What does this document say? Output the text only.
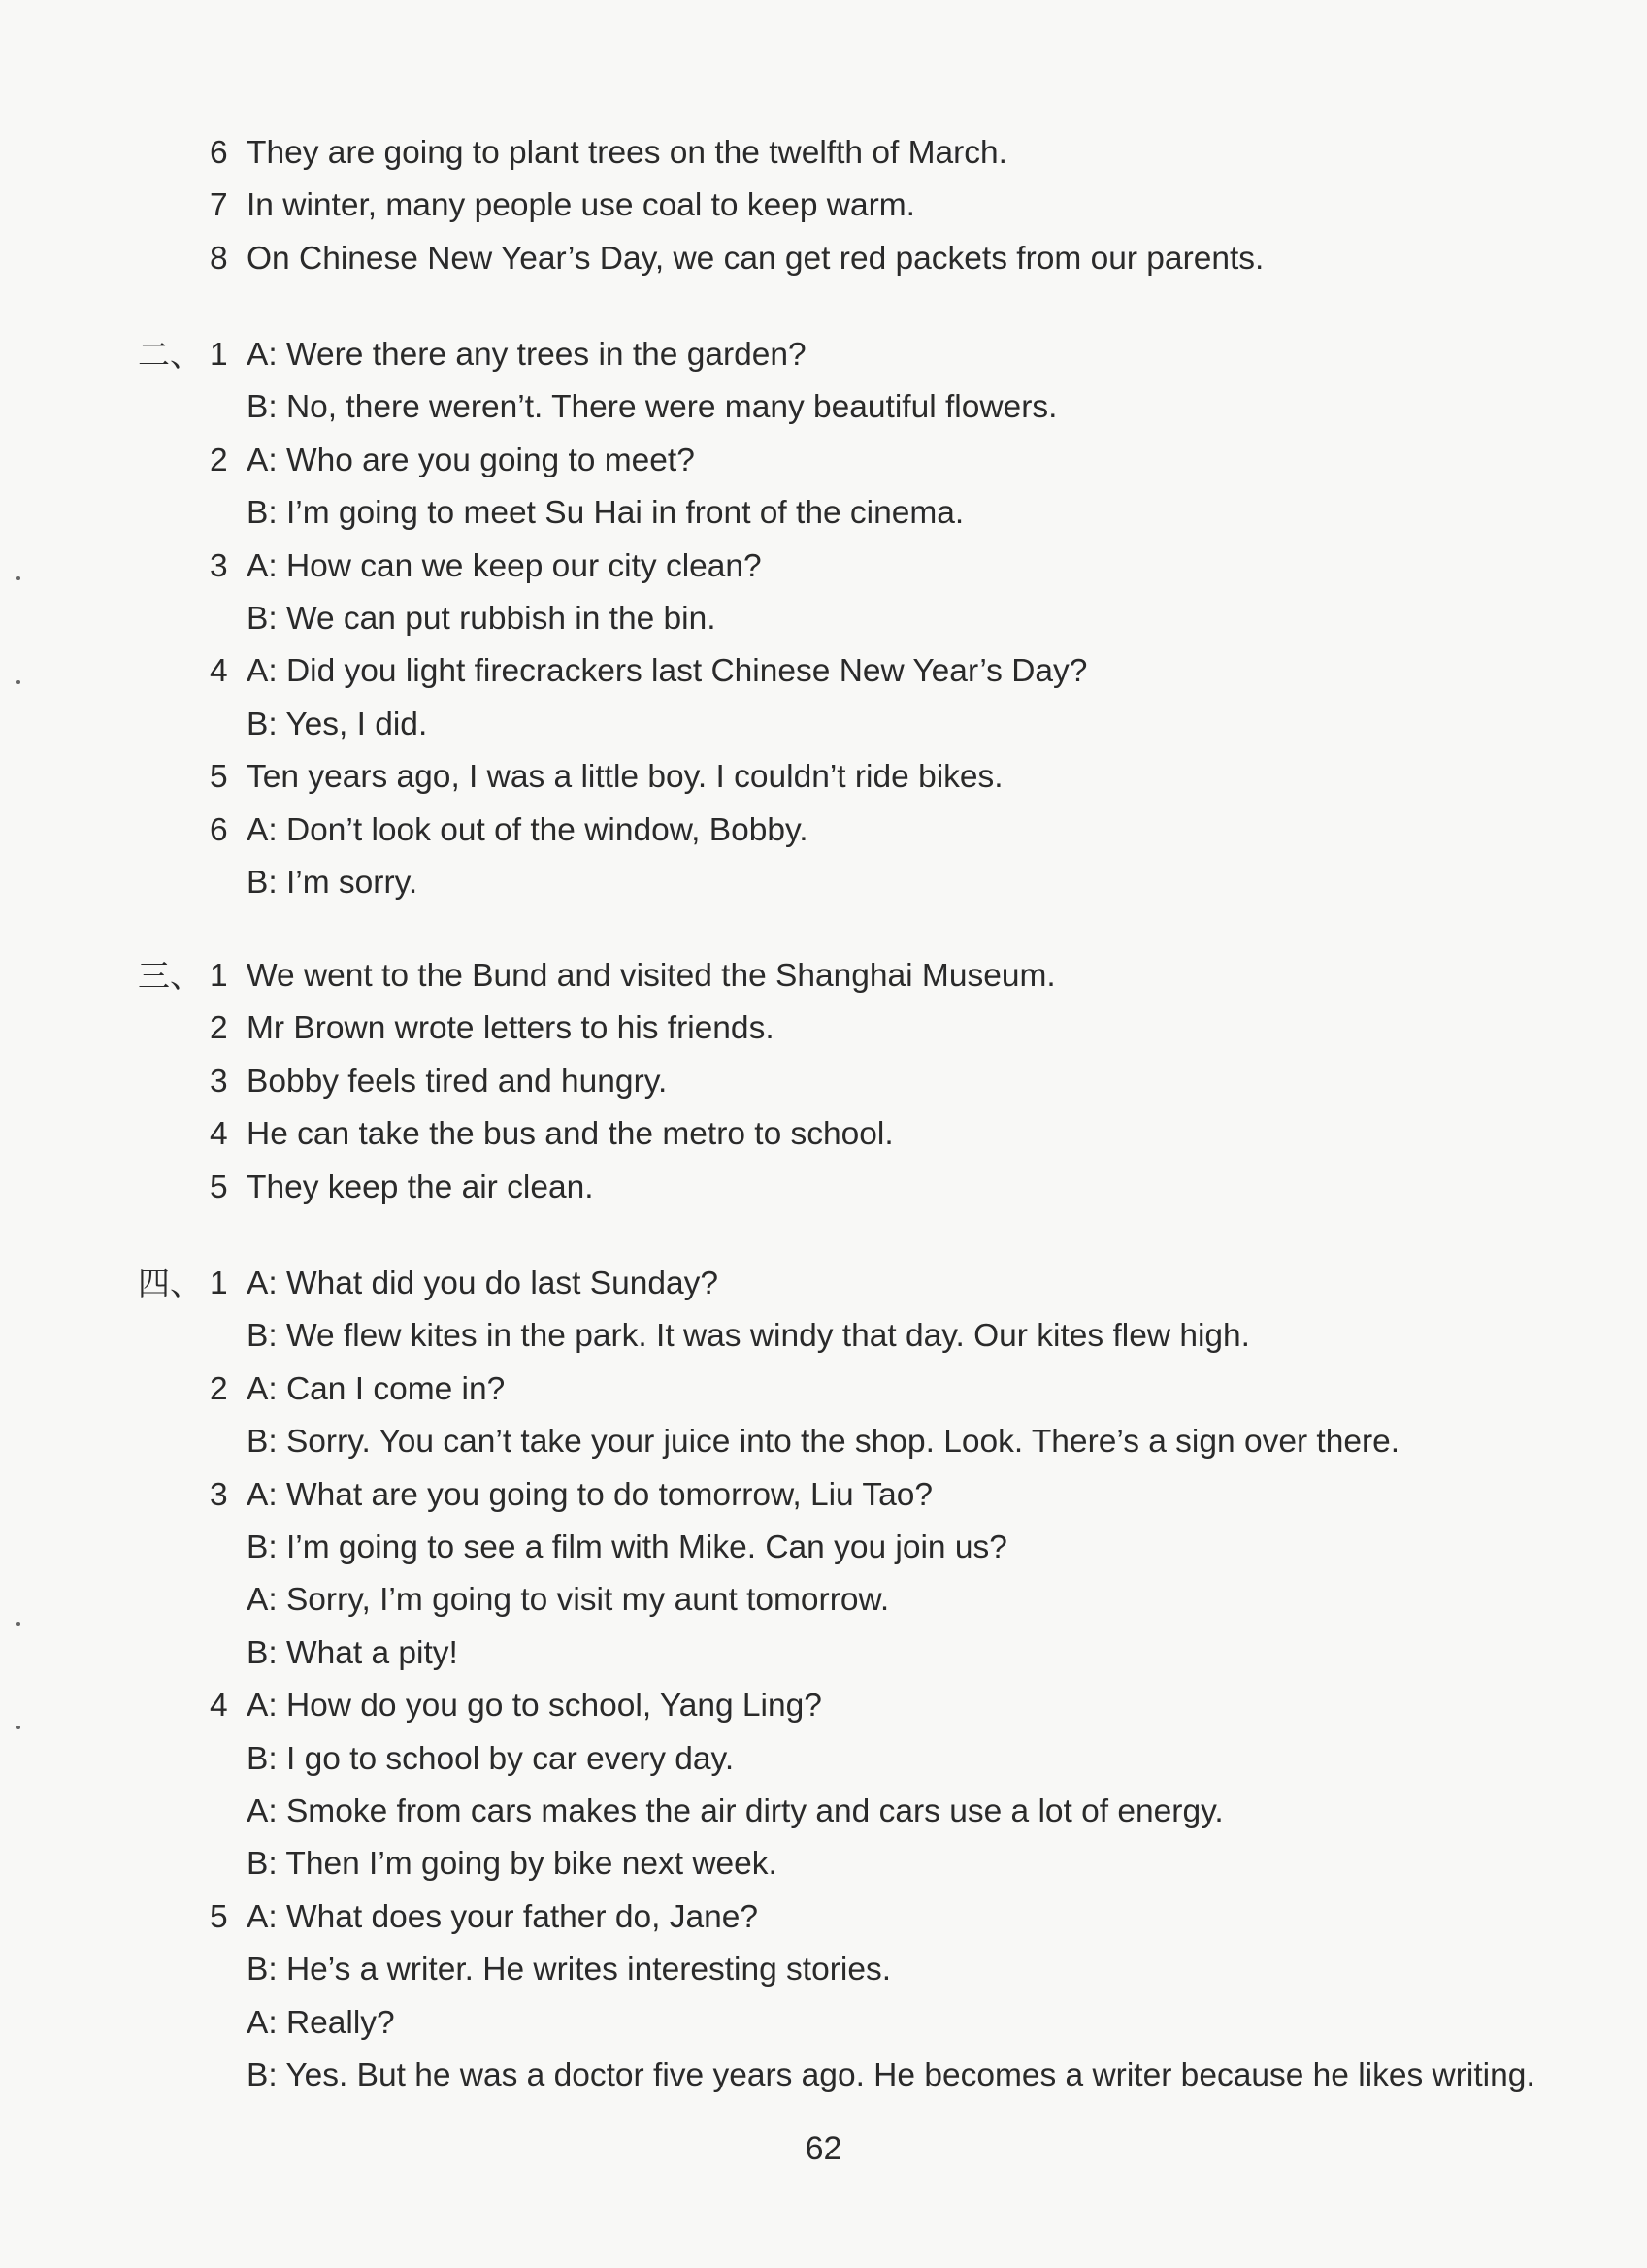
6 They are going to plant trees on the twelfth of March.
7 In winter, many people use coal to keep warm.
8 On Chinese New Year’s Day, we can get red packets from our parents.
二、 1 A: Were there any trees in the garden?
B: No, there weren’t. There were many beautiful flowers.
2 A: Who are you going to meet?
B: I’m going to meet Su Hai in front of the cinema.
3 A: How can we keep our city clean?
B: We can put rubbish in the bin.
4 A: Did you light firecrackers last Chinese New Year’s Day?
B: Yes, I did.
5 Ten years ago, I was a little boy. I couldn’t ride bikes.
6 A: Don’t look out of the window, Bobby.
B: I’m sorry.
三、 1 We went to the Bund and visited the Shanghai Museum.
2 Mr Brown wrote letters to his friends.
3 Bobby feels tired and hungry.
4 He can take the bus and the metro to school.
5 They keep the air clean.
四、 1 A: What did you do last Sunday?
B: We flew kites in the park. It was windy that day. Our kites flew high.
2 A: Can I come in?
B: Sorry. You can’t take your juice into the shop. Look. There’s a sign over there.
3 A: What are you going to do tomorrow, Liu Tao?
B: I’m going to see a film with Mike. Can you join us?
A: Sorry, I’m going to visit my aunt tomorrow.
B: What a pity!
4 A: How do you go to school, Yang Ling?
B: I go to school by car every day.
A: Smoke from cars makes the air dirty and cars use a lot of energy.
B: Then I’m going by bike next week.
5 A: What does your father do, Jane?
B: He’s a writer. He writes interesting stories.
A: Really?
B: Yes. But he was a doctor five years ago. He becomes a writer because he likes writing.
62
